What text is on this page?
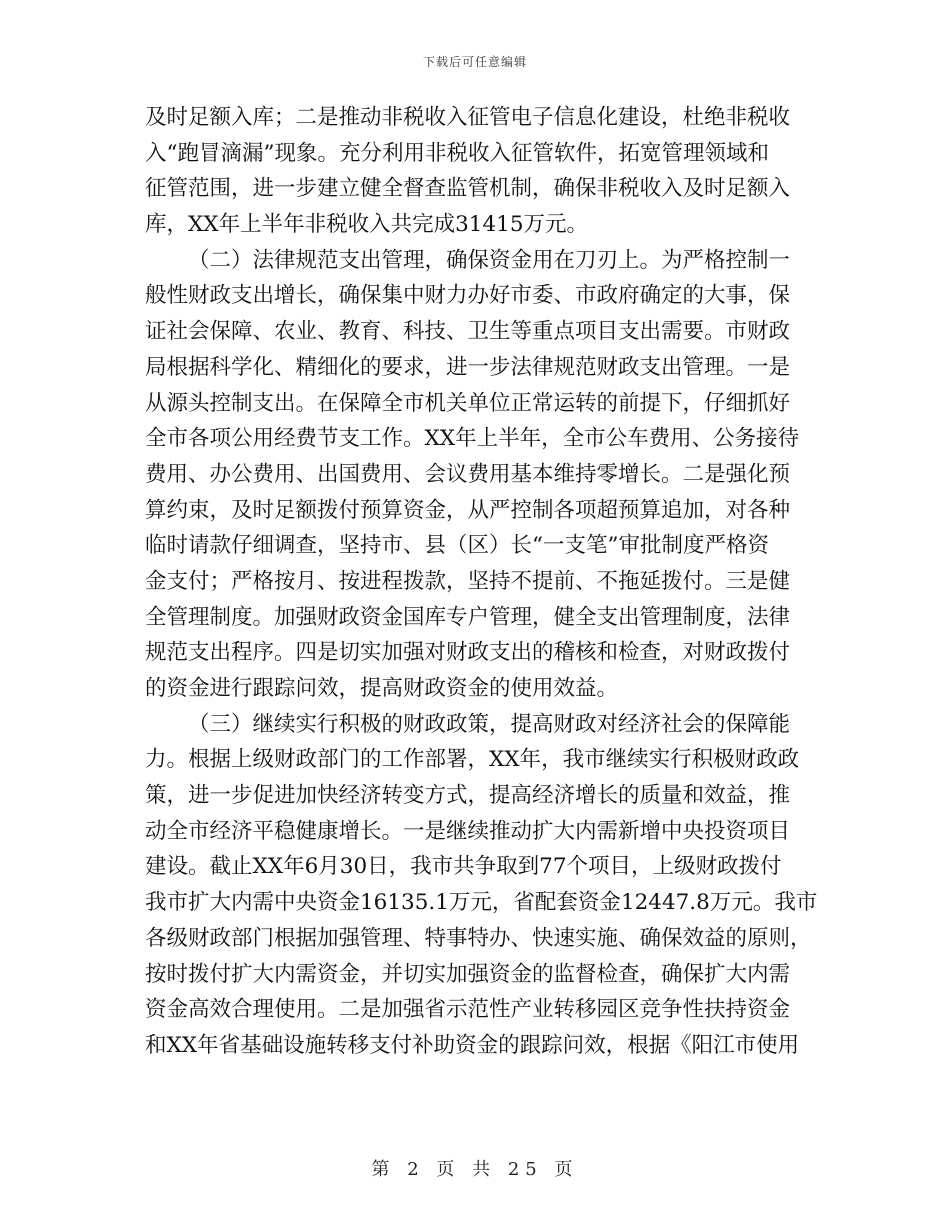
下载后可任意编辑
及时足额入库；二是推动非税收入征管电子信息化建设，杜绝非税收
入“跑冒滴漏”现象。充分利用非税收入征管软件，拓宽管理领域和
征管范围，进一步建立健全督查监管机制，确保非税收入及时足额入
库，XX年上半年非税收入共完成31415万元。
（二）法律规范支出管理，确保资金用在刀刃上。为严格控制一
般性财政支出增长，确保集中财力办好市委、市政府确定的大事，保
证社会保障、农业、教育、科技、卫生等重点项目支出需要。市财政
局根据科学化、精细化的要求，进一步法律规范财政支出管理。一是
从源头控制支出。在保障全市机关单位正常运转的前提下，仔细抓好
全市各项公用经费节支工作。XX年上半年，全市公车费用、公务接待
费用、办公费用、出国费用、会议费用基本维持零增长。二是强化预
算约束，及时足额拨付预算资金，从严控制各项超预算追加，对各种
临时请款仔细调查，坚持市、县（区）长“一支笔”审批制度严格资
金支付；严格按月、按进程拨款，坚持不提前、不拖延拨付。三是健
全管理制度。加强财政资金国库专户管理，健全支出管理制度，法律
规范支出程序。四是切实加强对财政支出的稽核和检查，对财政拨付
的资金进行跟踪问效，提高财政资金的使用效益。
（三）继续实行积极的财政政策，提高财政对经济社会的保障能
力。根据上级财政部门的工作部署，XX年，我市继续实行积极财政政
策，进一步促进加快经济转变方式，提高经济增长的质量和效益，推
动全市经济平稳健康增长。一是继续推动扩大内需新增中央投资项目
建设。截止XX年6月30日，我市共争取到77个项目，上级财政拨付
我市扩大内需中央资金16135.1万元，省配套资金12447.8万元。我市
各级财政部门根据加强管理、特事特办、快速实施、确保效益的原则，
按时拨付扩大内需资金，并切实加强资金的监督检查，确保扩大内需
资金高效合理使用。二是加强省示范性产业转移园区竞争性扶持资金
和XX年省基础设施转移支付补助资金的跟踪问效，根据《阳江市使用
第 2 页 共 25 页
